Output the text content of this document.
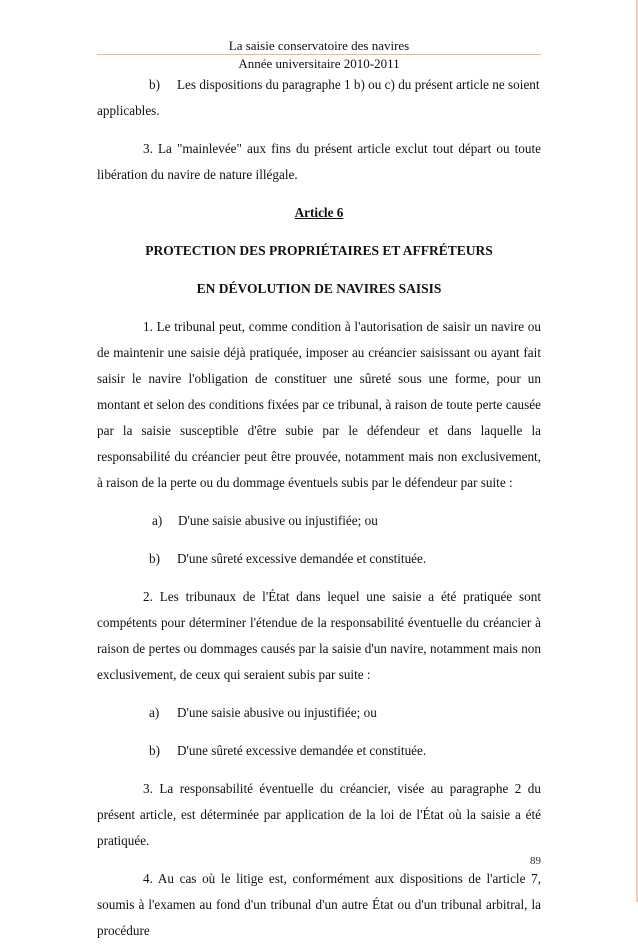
La saisie conservatoire des navires
Année universitaire 2010-2011
b)	Les dispositions du paragraphe 1 b) ou c) du présent article ne soient

applicables.

3. La "mainlevée" aux fins du présent article exclut tout départ ou toute libération du navire de nature illégale.

Article 6

PROTECTION DES PROPRIÉTAIRES ET AFFRÉTEURS
EN DÉVOLUTION DE NAVIRES SAISIS

1. Le tribunal peut, comme condition à l'autorisation de saisir un navire ou de maintenir une saisie déjà pratiquée, imposer au créancier saisissant ou ayant fait saisir le navire l'obligation de constituer une sûreté sous une forme, pour un montant et selon des conditions fixées par ce tribunal, à raison de toute perte causée par la saisie susceptible d'être subie par le défendeur et dans laquelle la responsabilité du créancier peut être prouvée, notamment mais non exclusivement, à raison de la perte ou du dommage éventuels subis par le défendeur par suite :

a)	D'une saisie abusive ou injustifiée; ou
b)	D'une sûreté excessive demandée et constituée.

2. Les tribunaux de l'État dans lequel une saisie a été pratiquée sont compétents pour déterminer l'étendue de la responsabilité éventuelle du créancier à raison de pertes ou dommages causés par la saisie d'un navire, notamment mais non exclusivement, de ceux qui seraient subis par suite :

a)	D'une saisie abusive ou injustifiée; ou
b)	D'une sûreté excessive demandée et constituée.

3. La responsabilité éventuelle du créancier, visée au paragraphe 2 du présent article, est déterminée par application de la loi de l'État où la saisie a été pratiquée.

4. Au cas où le litige est, conformément aux dispositions de l'article 7, soumis à l'examen au fond d'un tribunal d'un autre État ou d'un tribunal arbitral, la procédure

89
